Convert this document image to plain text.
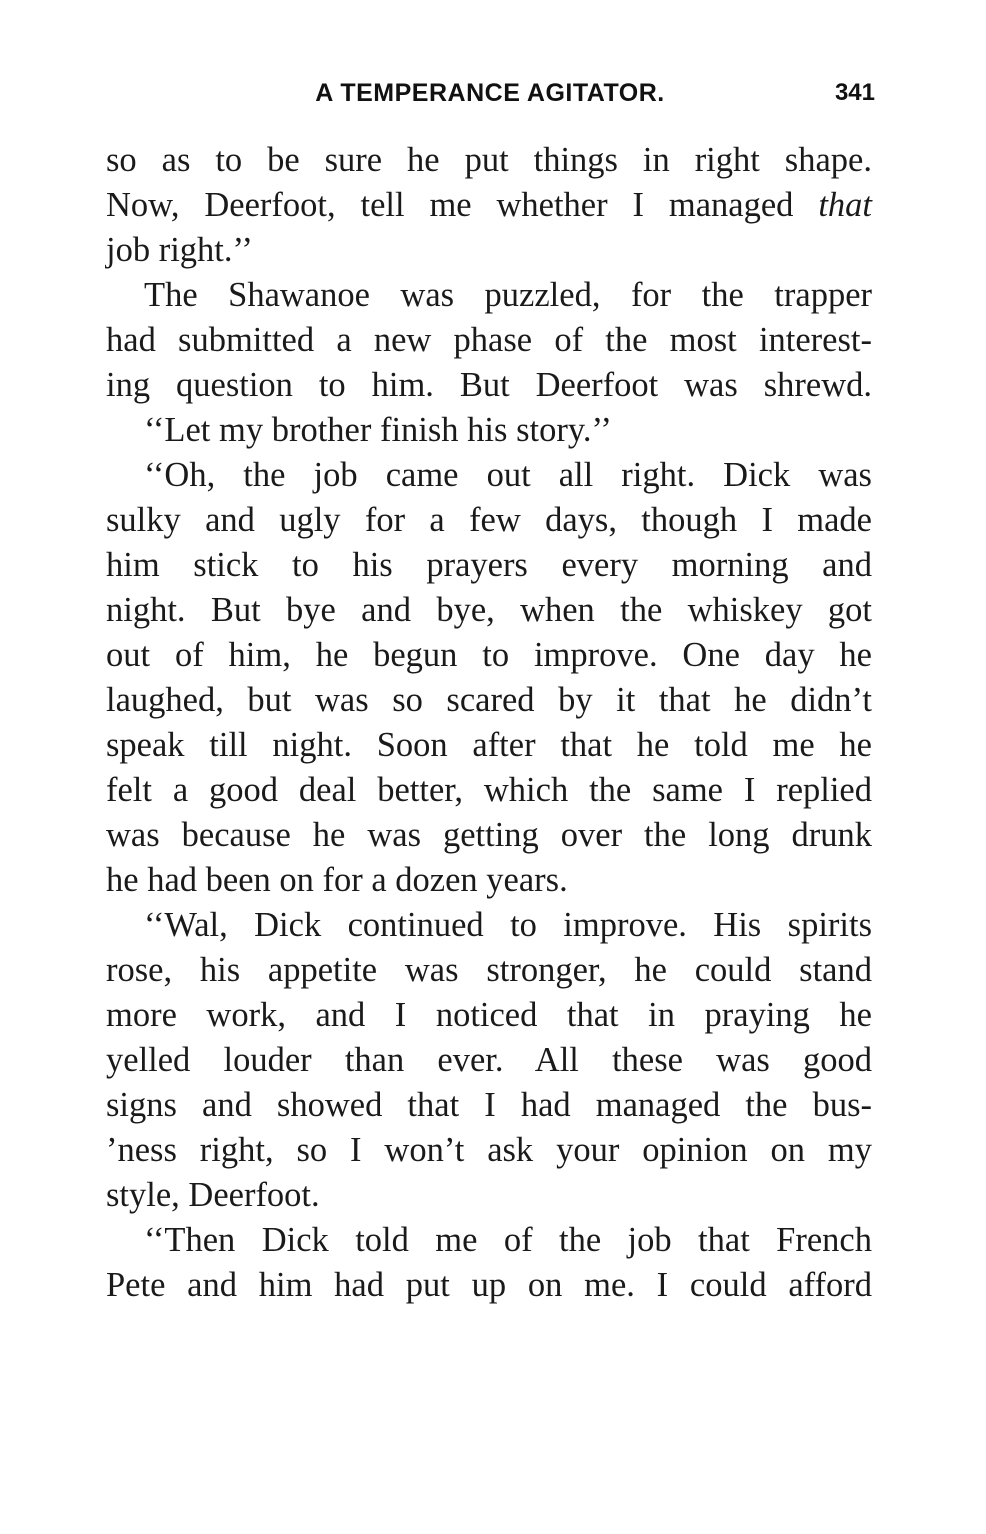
A TEMPERANCE AGITATOR.	341
so as to be sure he put things in right shape.
Now, Deerfoot, tell me whether I managed that
job right.’’
The Shawanoe was puzzled, for the trapper
had submitted a new phase of the most interest-
ing question to him. But Deerfoot was shrewd.
‘‘Let my brother finish his story.’’
‘‘Oh, the job came out all right. Dick was
sulky and ugly for a few days, though I made
him stick to his prayers every morning and
night. But bye and bye, when the whiskey got
out of him, he begun to improve. One day he
laughed, but was so scared by it that he didn’t
speak till night. Soon after that he told me he
felt a good deal better, which the same I replied
was because he was getting over the long drunk
he had been on for a dozen years.
‘‘Wal, Dick continued to improve. His spirits
rose, his appetite was stronger, he could stand
more work, and I noticed that in praying he
yelled louder than ever. All these was good
signs and showed that I had managed the bus-
’ness right, so I won’t ask your opinion on my
style, Deerfoot.
‘‘Then Dick told me of the job that French
Pete and him had put up on me. I could afford
